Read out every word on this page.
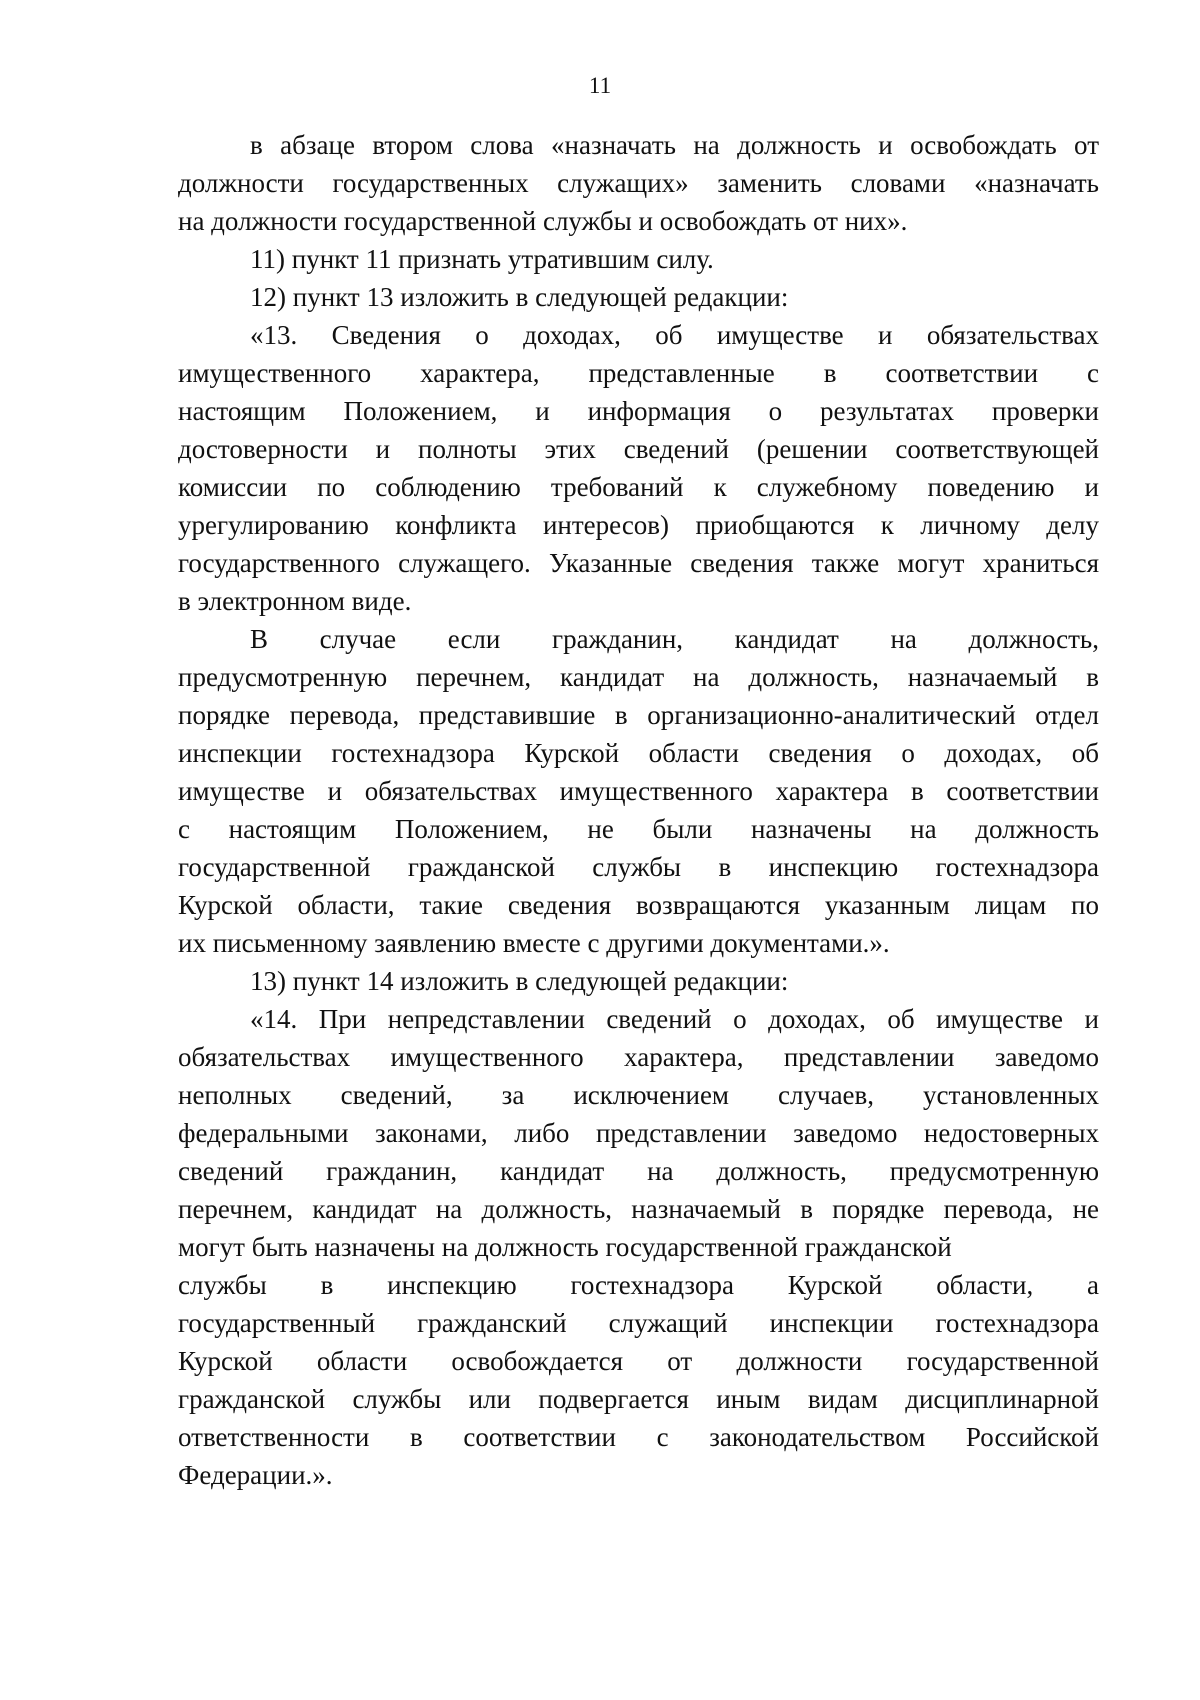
11
в абзаце втором слова «назначать на должность и освобождать от
должности государственных служащих» заменить словами «назначать
на должности государственной службы и освобождать от них».
11) пункт 11 признать утратившим силу.
12) пункт 13 изложить в следующей редакции:
«13. Сведения о доходах, об имуществе и обязательствах
имущественного характера, представленные в соответствии с
настоящим Положением, и информация о результатах проверки
достоверности и полноты этих сведений (решении соответствующей
комиссии по соблюдению требований к служебному поведению и
урегулированию конфликта интересов) приобщаются к личному делу
государственного служащего. Указанные сведения также могут храниться
в электронном виде.
В случае если гражданин, кандидат на должность,
предусмотренную перечнем, кандидат на должность, назначаемый в
порядке перевода, представившие в организационно-аналитический отдел
инспекции гостехнадзора Курской области сведения о доходах, об
имуществе и обязательствах имущественного характера в соответствии
с настоящим Положением, не были назначены на должность
государственной гражданской службы в инспекцию гостехнадзора
Курской области, такие сведения возвращаются указанным лицам по
их письменному заявлению вместе с другими документами.».
13) пункт 14 изложить в следующей редакции:
«14. При непредставлении сведений о доходах, об имуществе и
обязательствах имущественного характера, представлении заведомо
неполных сведений, за исключением случаев, установленных
федеральными законами, либо представлении заведомо недостоверных
сведений гражданин, кандидат на должность, предусмотренную
перечнем, кандидат на должность, назначаемый в порядке перевода, не
могут быть назначены на должность государственной гражданской
службы в инспекцию гостехнадзора Курской области, а
государственный гражданский служащий инспекции гостехнадзора
Курской области освобождается от должности государственной
гражданской службы или подвергается иным видам дисциплинарной
ответственности в соответствии с законодательством Российской
Федерации.».
